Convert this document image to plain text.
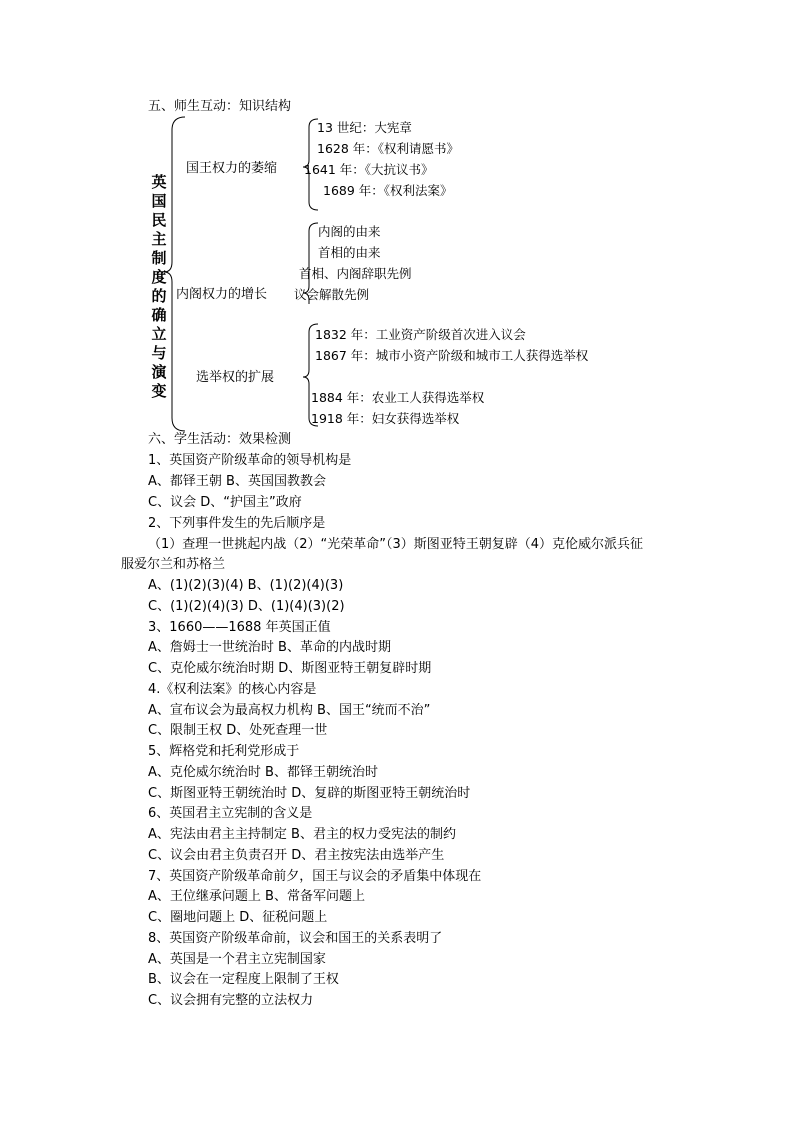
五、师生互动：知识结构
英
国
民
主
制
度
的
确
立
与
演
变
国王权力的萎缩
13 世纪：大宪章
1628 年：《权利请愿书》
1641 年：《大抗议书》
1689 年：《权利法案》
内阁权力的增长
内阁的由来
首相的由来
首相、内阁辞职先例
议会解散先例
选举权的扩展
1832 年：工业资产阶级首次进入议会
1867 年：城市小资产阶级和城市工人获得选举权
1884 年：农业工人获得选举权
1918 年：妇女获得选举权
六、学生活动：效果检测
1、英国资产阶级革命的领导机构是
A、都铎王朝 B、英国国教教会
C、议会 D、“护国主”政府
2、下列事件发生的先后顺序是
（1）查理一世挑起内战（2）“光荣革命”（3）斯图亚特王朝复辟（4）克伦威尔派兵征
服爱尔兰和苏格兰
A、(1)(2)(3)(4) B、(1)(2)(4)(3)
C、(1)(2)(4)(3) D、(1)(4)(3)(2)
3、1660——1688 年英国正值
A、詹姆士一世统治时 B、革命的内战时期
C、克伦威尔统治时期 D、斯图亚特王朝复辟时期
4.《权利法案》的核心内容是
A、宣布议会为最高权力机构 B、国王“统而不治”
C、限制王权 D、处死查理一世
5、辉格党和托利党形成于
A、克伦威尔统治时 B、都铎王朝统治时
C、斯图亚特王朝统治时 D、复辟的斯图亚特王朝统治时
6、英国君主立宪制的含义是
A、宪法由君主主持制定 B、君主的权力受宪法的制约
C、议会由君主负责召开 D、君主按宪法由选举产生
7、英国资产阶级革命前夕，国王与议会的矛盾集中体现在
A、王位继承问题上 B、常备军问题上
C、圈地问题上 D、征税问题上
8、英国资产阶级革命前，议会和国王的关系表明了
A、英国是一个君主立宪制国家
B、议会在一定程度上限制了王权
C、议会拥有完整的立法权力
